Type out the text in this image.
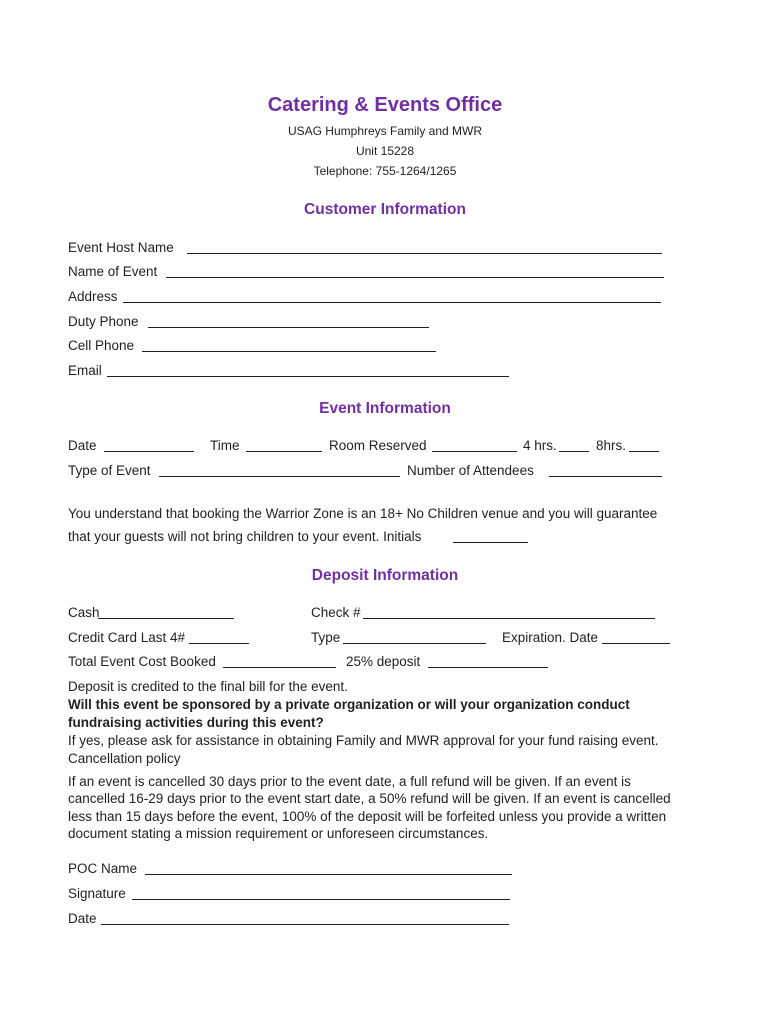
Catering & Events Office
USAG Humphreys Family and MWR
Unit 15228
Telephone: 755-1264/1265
Customer Information
Event Host Name
Name of Event
Address
Duty Phone
Cell Phone
Email
Event Information
Date	Time	Room Reserved	4 hrs.	8hrs.
Type of Event	Number of Attendees
You understand that booking the Warrior Zone is an 18+ No Children venue and you will guarantee
that your guests will not bring children to your event. Initials
Deposit Information
Cash	Check #
Credit Card Last 4#	Type	Expiration. Date
Total Event Cost Booked	25% deposit
Deposit is credited to the final bill for the event.
Will this event be sponsored by a private organization or will your organization conduct
fundraising activities during this event?
If yes, please ask for assistance in obtaining Family and MWR approval for your fund raising event.
Cancellation policy
If an event is cancelled 30 days prior to the event date, a full refund will be given. If an event is
cancelled 16-29 days prior to the event start date, a 50% refund will be given. If an event is cancelled
less than 15 days before the event, 100% of the deposit will be forfeited unless you provide a written
document stating a mission requirement or unforeseen circumstances.
POC Name
Signature
Date
